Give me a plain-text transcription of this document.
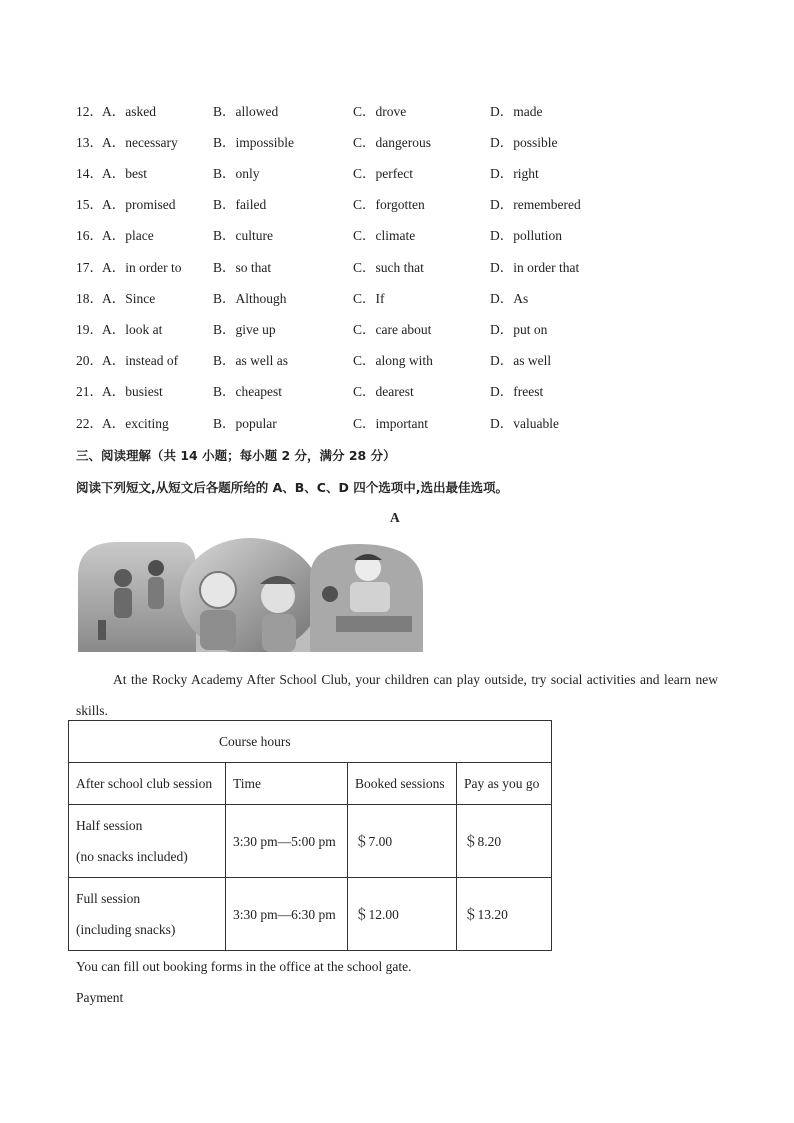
12． A．asked	B．allowed	C．drove	D．made
13． A．necessary	B．impossible	C．dangerous	D．possible
14． A．best	B．only	C．perfect	D．right
15． A．promised	B．failed	C．forgotten	D．remembered
16． A．place	B．culture	C．climate	D．pollution
17． A．in order to B．so that	C．such that	D．in order that
18． A．Since	B．Although	C．If	D．As
19． A．look at	B．give up	C．care about	D．put on
20． A．instead of	B．as well as	C．along with	D．as well
21． A．busiest	B．cheapest	C．dearest	D．freest
22． A．exciting	B．popular	C．important	D．valuable
三、阅读理解（共 14 小题；每小题 2 分，满分 28 分）
阅读下列短文,从短文后各题所给的 A、B、C、D 四个选项中,选出最佳选项。
A

At the Rocky Academy After School Club, your children can play outside, try social activities and learn new skills.

Course hours			
After school club session	Time	Booked sessions	Pay as you go

Half session
(no snacks included)	3:30 pm—5:00 pm	＄7.00	＄8.20

Full session
(including snacks)	3:30 pm—6:30 pm	＄12.00	＄13.20
You can fill out booking forms in the office at the school gate.
Payment
